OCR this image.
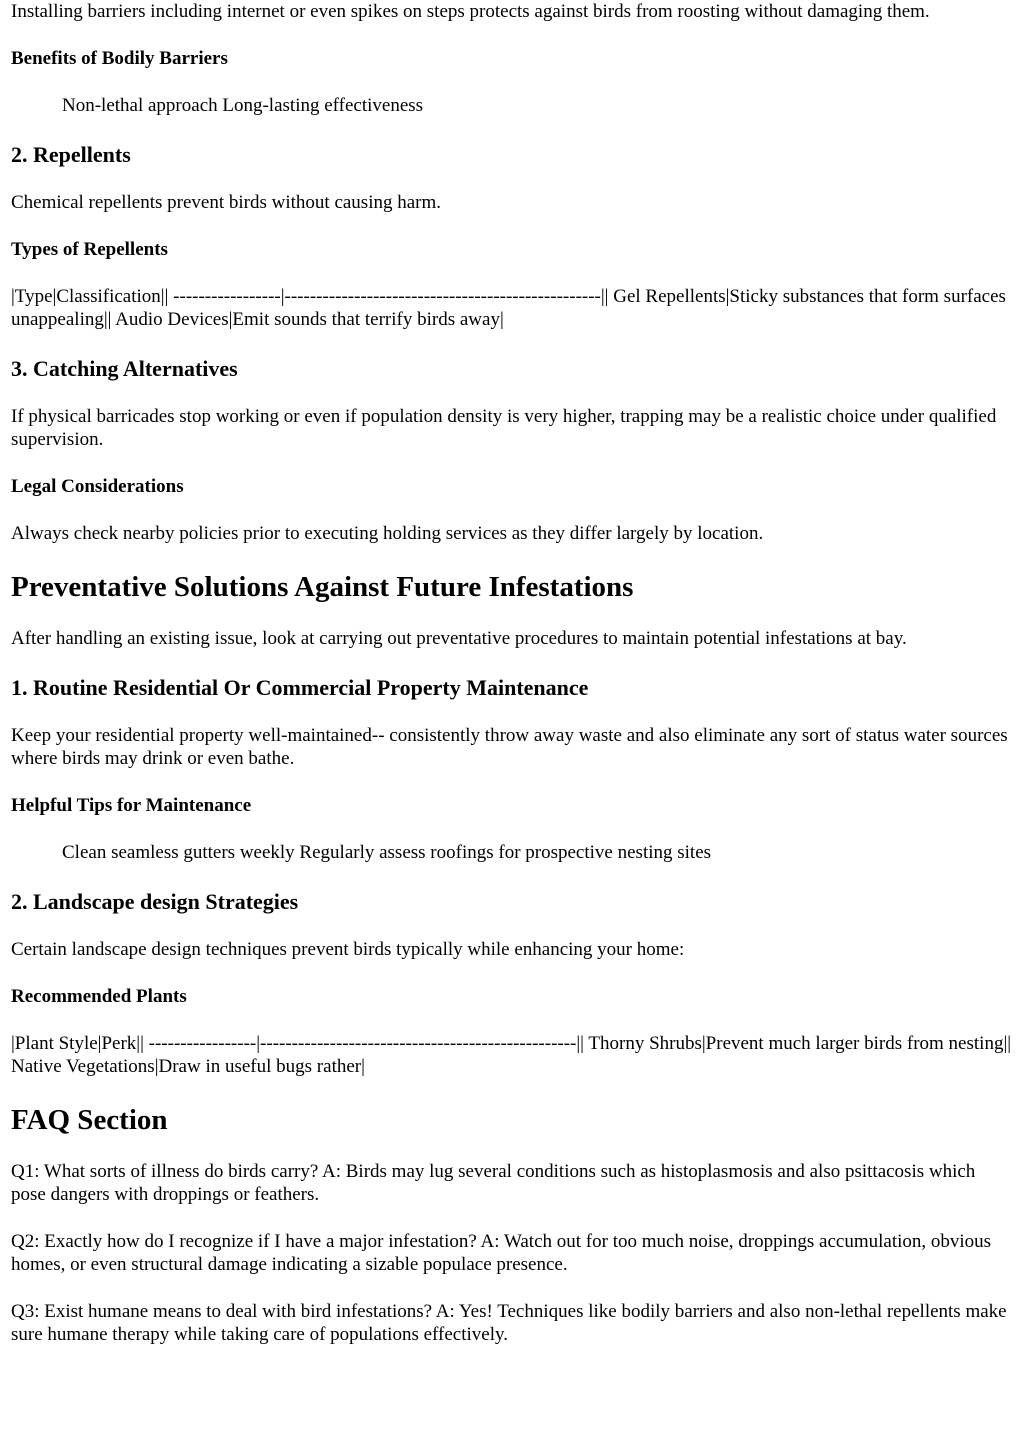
Installing barriers including internet or even spikes on steps protects against birds from roosting without damaging them.

Benefits of Bodily Barriers

Non-lethal approach Long-lasting effectiveness

2. Repellents

Chemical repellents prevent birds without causing harm.

Types of Repellents

|Type|Classification|| -----------------|--------------------------------------------------|| Gel Repellents|Sticky substances that form surfaces unappealing|| Audio Devices|Emit sounds that terrify birds away|

3. Catching Alternatives

If physical barricades stop working or even if population density is very higher, trapping may be a realistic choice under qualified supervision.

Legal Considerations

Always check nearby policies prior to executing holding services as they differ largely by location.

Preventative Solutions Against Future Infestations

After handling an existing issue, look at carrying out preventative procedures to maintain potential infestations at bay.

1. Routine Residential Or Commercial Property Maintenance

Keep your residential property well-maintained-- consistently throw away waste and also eliminate any sort of status water sources where birds may drink or even bathe.

Helpful Tips for Maintenance

Clean seamless gutters weekly Regularly assess roofings for prospective nesting sites

2. Landscape design Strategies

Certain landscape design techniques prevent birds typically while enhancing your home:

Recommended Plants

|Plant Style|Perk|| -----------------|--------------------------------------------------|| Thorny Shrubs|Prevent much larger birds from nesting|| Native Vegetations|Draw in useful bugs rather|

FAQ Section

Q1: What sorts of illness do birds carry? A: Birds may lug several conditions such as histoplasmosis and also psittacosis which pose dangers with droppings or feathers.

Q2: Exactly how do I recognize if I have a major infestation? A: Watch out for too much noise, droppings accumulation, obvious homes, or even structural damage indicating a sizable populace presence.

Q3: Exist humane means to deal with bird infestations? A: Yes! Techniques like bodily barriers and also non-lethal repellents make sure humane therapy while taking care of populations effectively.
